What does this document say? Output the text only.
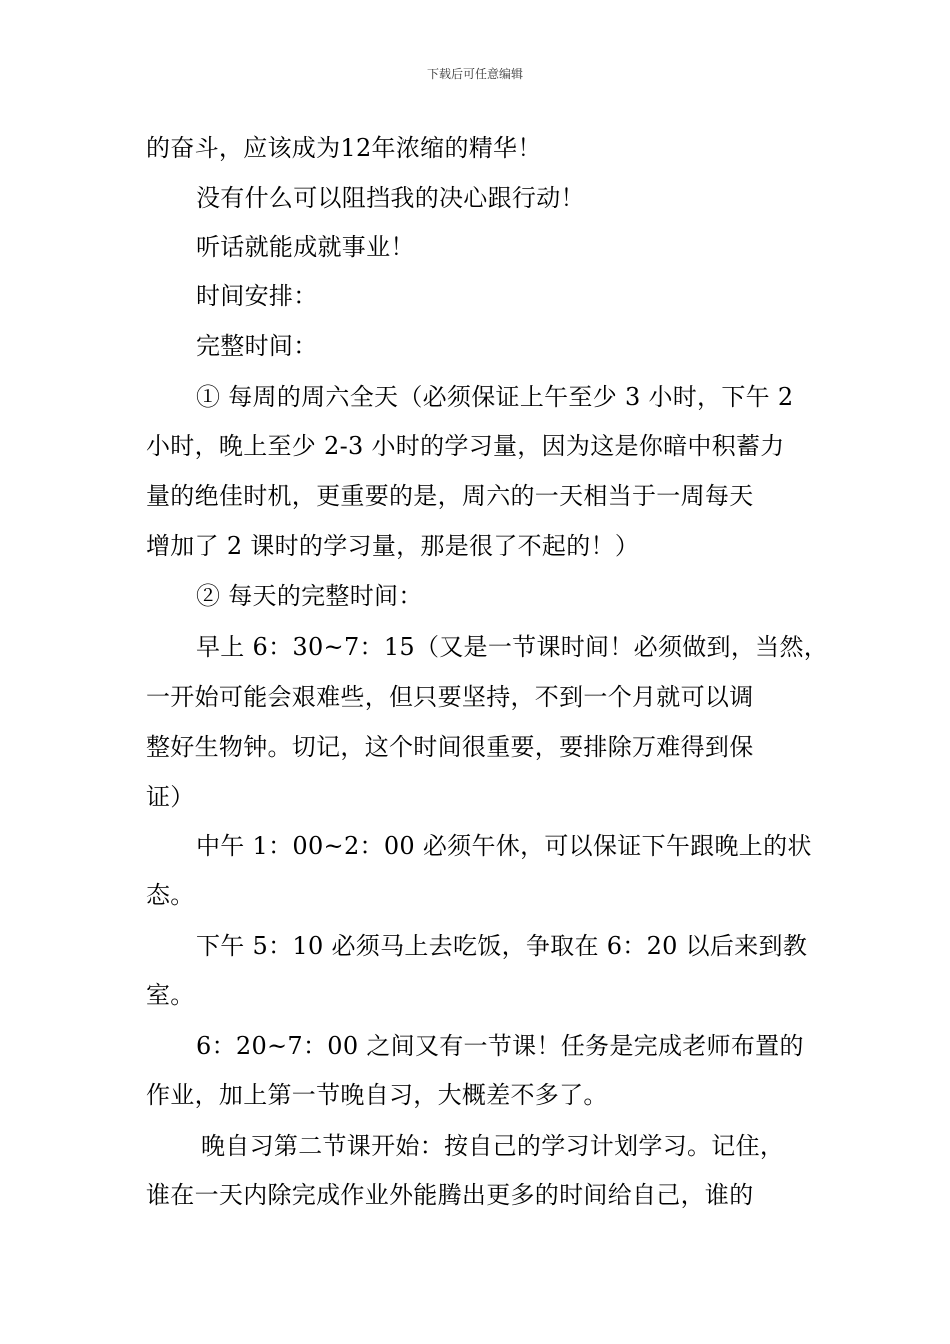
下载后可任意编辑
的奋斗，应该成为12年浓缩的精华！
没有什么可以阻挡我的决心跟行动！
听话就能成就事业！
时间安排：
完整时间：
① 每周的周六全天（必须保证上午至少 3 小时，下午 2
小时，晚上至少 2-3 小时的学习量，因为这是你暗中积蓄力
量的绝佳时机，更重要的是，周六的一天相当于一周每天
增加了 2 课时的学习量，那是很了不起的！）
② 每天的完整时间：
早上 6：30~7：15（又是一节课时间！必须做到，当然，
一开始可能会艰难些，但只要坚持，不到一个月就可以调
整好生物钟。切记，这个时间很重要，要排除万难得到保
证）
中午 1：00~2：00 必须午休，可以保证下午跟晚上的状
态。
下午 5：10 必须马上去吃饭，争取在 6：20 以后来到教
室。
6：20~7：00 之间又有一节课！任务是完成老师布置的
作业，加上第一节晚自习，大概差不多了。
晚自习第二节课开始：按自己的学习计划学习。记住，
谁在一天内除完成作业外能腾出更多的时间给自己，谁的
